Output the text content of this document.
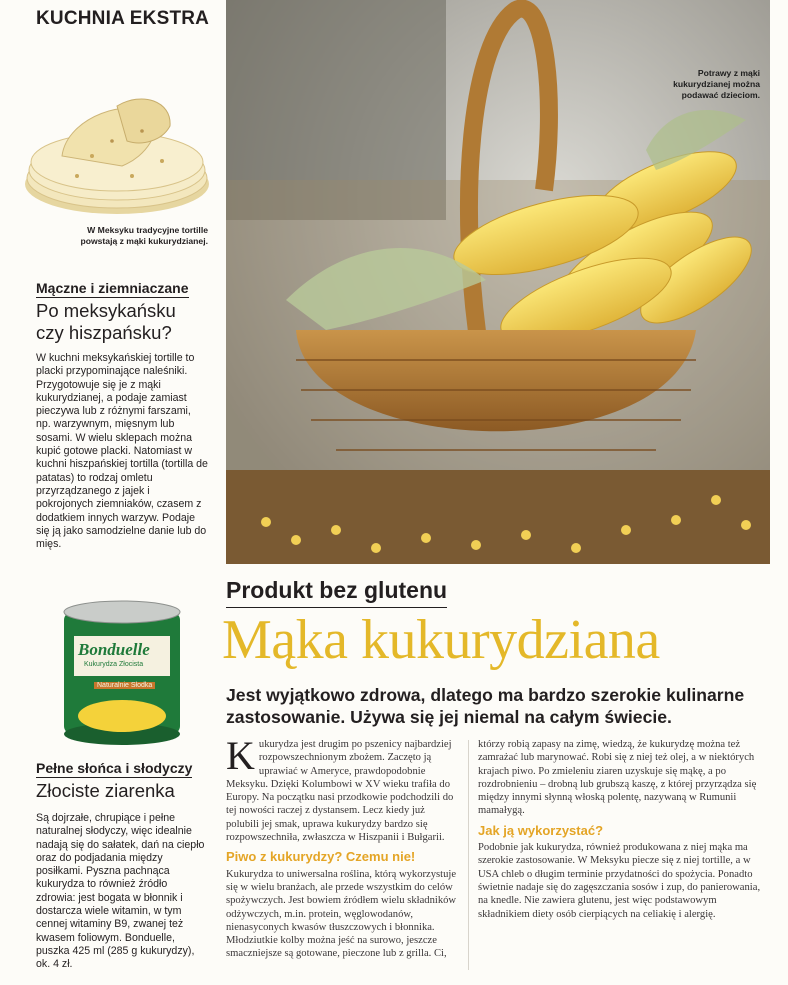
KUCHNIA EKSTRA
W Meksyku tradycyjne tortille powstają z mąki kukurydzianej.
Mączne i ziemniaczane
Po meksykańsku
czy hiszpańsku?
W kuchni meksykańskiej tortille to placki przypominające naleśniki. Przygotowuje się je z mąki kukurydzianej, a podaje zamiast pieczywa lub z różnymi farszami, np. warzywnym, mięsnym lub sosami. W wielu sklepach można kupić gotowe placki. Natomiast w kuchni hiszpańskiej tortilla (tortilla de patatas) to rodzaj omletu przyrządzanego z jajek i pokrojonych ziemniaków, czasem z dodatkiem innych warzyw. Podaje się ją jako samodzielne danie lub do mięs.
Potrawy z mąki kukurydzianej można podawać dzieciom.
Produkt bez glutenu
Mąka kukurydziana
Jest wyjątkowo zdrowa, dlatego ma bardzo szerokie kulinarne zastosowanie. Używa się jej niemal na całym świecie.
Bonduelle
Kukurydza Złocista
Naturalnie Słodka
Pełne słońca i słodyczy
Złociste ziarenka
Są dojrzałe, chrupiące i pełne naturalnej słodyczy, więc idealnie nadają się do sałatek, dań na ciepło oraz do podjadania między posiłkami. Pyszna pachnąca kukurydza to również źródło zdrowia: jest bogata w błonnik i dostarcza wiele witamin, w tym cennej witaminy B9, zwanej też kwasem foliowym. Bonduelle, puszka 425 ml (285 g kukurydzy), ok. 4 zł.

K ukurydza jest drugim po pszenicy najbardziej rozpowszechnionym zbożem. Zaczęto ją uprawiać w Ameryce, prawdopodobnie Meksyku. Dzięki Kolumbowi w XV wieku trafiła do Europy. Na początku nasi przodkowie podchodzili do tej nowości raczej z dystansem. Lecz kiedy już polubili jej smak, uprawa kukurydzy bardzo się rozpowszechniła, zwłaszcza w Hiszpanii i Bułgarii.

Piwo z kukurydzy? Czemu nie!

Kukurydza to uniwersalna roślina, którą wykorzystuje się w wielu branżach, ale przede wszystkim do celów spożywczych. Jest bowiem źródłem wielu składników odżywczych, m.in. protein, węglowodanów, nienasyconych kwasów tłuszczowych i błonnika. Młodziutkie kolby można jeść na surowo, jeszcze smaczniejsze są gotowane, pieczone lub z grilla. Ci,

którzy robią zapasy na zimę, wiedzą, że kukurydzę można też zamrażać lub marynować. Robi się z niej też olej, a w niektórych krajach piwo. Po zmieleniu ziaren uzyskuje się mąkę, a po rozdrobnieniu – drobną lub grubszą kaszę, z której przyrządza się między innymi słynną włoską polentę, nazywaną w Rumunii mamałygą.

Jak ją wykorzystać?

Podobnie jak kukurydza, również produkowana z niej mąka ma szerokie zastosowanie. W Meksyku piecze się z niej tortille, a w USA chleb o długim terminie przydatności do spożycia. Ponadto świetnie nadaje się do zagęszczania sosów i zup, do panierowania, na knedle. Nie zawiera glutenu, jest więc podstawowym składnikiem diety osób cierpiących na celiakię i alergię.
